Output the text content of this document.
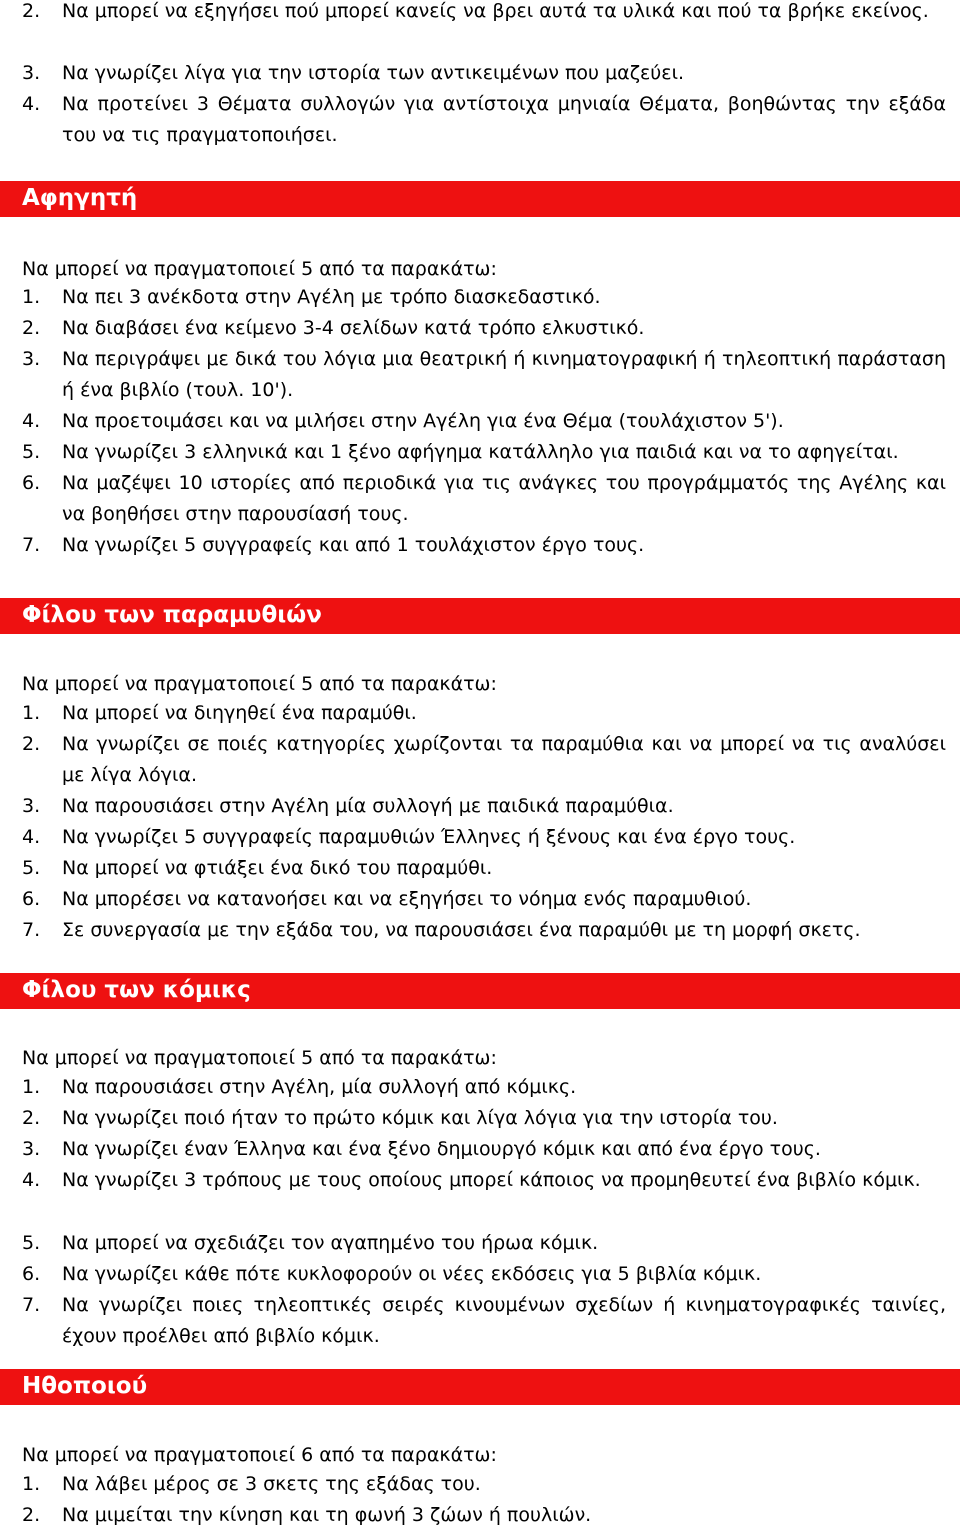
2. Να μπορεί να εξηγήσει πού μπορεί κανείς να βρει αυτά τα υλικά και πού τα βρήκε εκείνος.
3. Να γνωρίζει λίγα για την ιστορία των αντικειμένων που μαζεύει.
4. Να προτείνει 3 Θέματα συλλογών για αντίστοιχα μηνιαία Θέματα, βοηθώντας την εξάδα του να τις πραγματοποιήσει.
Αφηγητή
Να μπορεί να πραγματοποιεί 5 από τα παρακάτω:
1. Να πει 3 ανέκδοτα στην Αγέλη με τρόπο διασκεδαστικό.
2. Να διαβάσει ένα κείμενο 3-4 σελίδων κατά τρόπο ελκυστικό.
3. Να περιγράψει με δικά του λόγια μια θεατρική ή κινηματογραφική ή τηλεοπτική παράσταση ή ένα βιβλίο (τουλ. 10').
4. Να προετοιμάσει και να μιλήσει στην Αγέλη για ένα Θέμα (τουλάχιστον 5').
5. Να γνωρίζει 3 ελληνικά και 1 ξένο αφήγημα κατάλληλο για παιδιά και να το αφηγείται.
6. Να μαζέψει 10 ιστορίες από περιοδικά για τις ανάγκες του προγράμματός της Αγέλης και να βοηθήσει στην παρουσίασή τους.
7. Να γνωρίζει 5 συγγραφείς και από 1 τουλάχιστον έργο τους.
Φίλου των παραμυθιών
Να μπορεί να πραγματοποιεί 5 από τα παρακάτω:
1. Να μπορεί να διηγηθεί ένα παραμύθι.
2. Να γνωρίζει σε ποιές κατηγορίες χωρίζονται τα παραμύθια και να μπορεί να τις αναλύσει με λίγα λόγια.
3. Να παρουσιάσει στην Αγέλη μία συλλογή με παιδικά παραμύθια.
4. Να γνωρίζει 5 συγγραφείς παραμυθιών Έλληνες ή ξένους και ένα έργο τους.
5. Να μπορεί να φτιάξει ένα δικό του παραμύθι.
6. Να μπορέσει να κατανοήσει και να εξηγήσει το νόημα ενός παραμυθιού.
7. Σε συνεργασία με την εξάδα του, να παρουσιάσει ένα παραμύθι με τη μορφή σκετς.
Φίλου των κόμικς
Να μπορεί να πραγματοποιεί 5 από τα παρακάτω:
1. Να παρουσιάσει στην Αγέλη, μία συλλογή από κόμικς.
2. Να γνωρίζει ποιό ήταν το πρώτο κόμικ και λίγα λόγια για την ιστορία του.
3. Να γνωρίζει έναν Έλληνα και ένα ξένο δημιουργό κόμικ και από ένα έργο τους.
4. Να γνωρίζει 3 τρόπους με τους οποίους μπορεί κάποιος να προμηθευτεί ένα βιβλίο κόμικ.
5. Να μπορεί να σχεδιάζει τον αγαπημένο του ήρωα κόμικ.
6. Να γνωρίζει κάθε πότε κυκλοφορούν οι νέες εκδόσεις για 5 βιβλία κόμικ.
7. Να γνωρίζει ποιες τηλεοπτικές σειρές κινουμένων σχεδίων ή κινηματογραφικές ταινίες, έχουν προέλθει από βιβλίο κόμικ.
Ηθοποιού
Να μπορεί να πραγματοποιεί 6 από τα παρακάτω:
1. Να λάβει μέρος σε 3 σκετς της εξάδας του.
2. Να μιμείται την κίνηση και τη φωνή 3 ζώων ή πουλιών.
